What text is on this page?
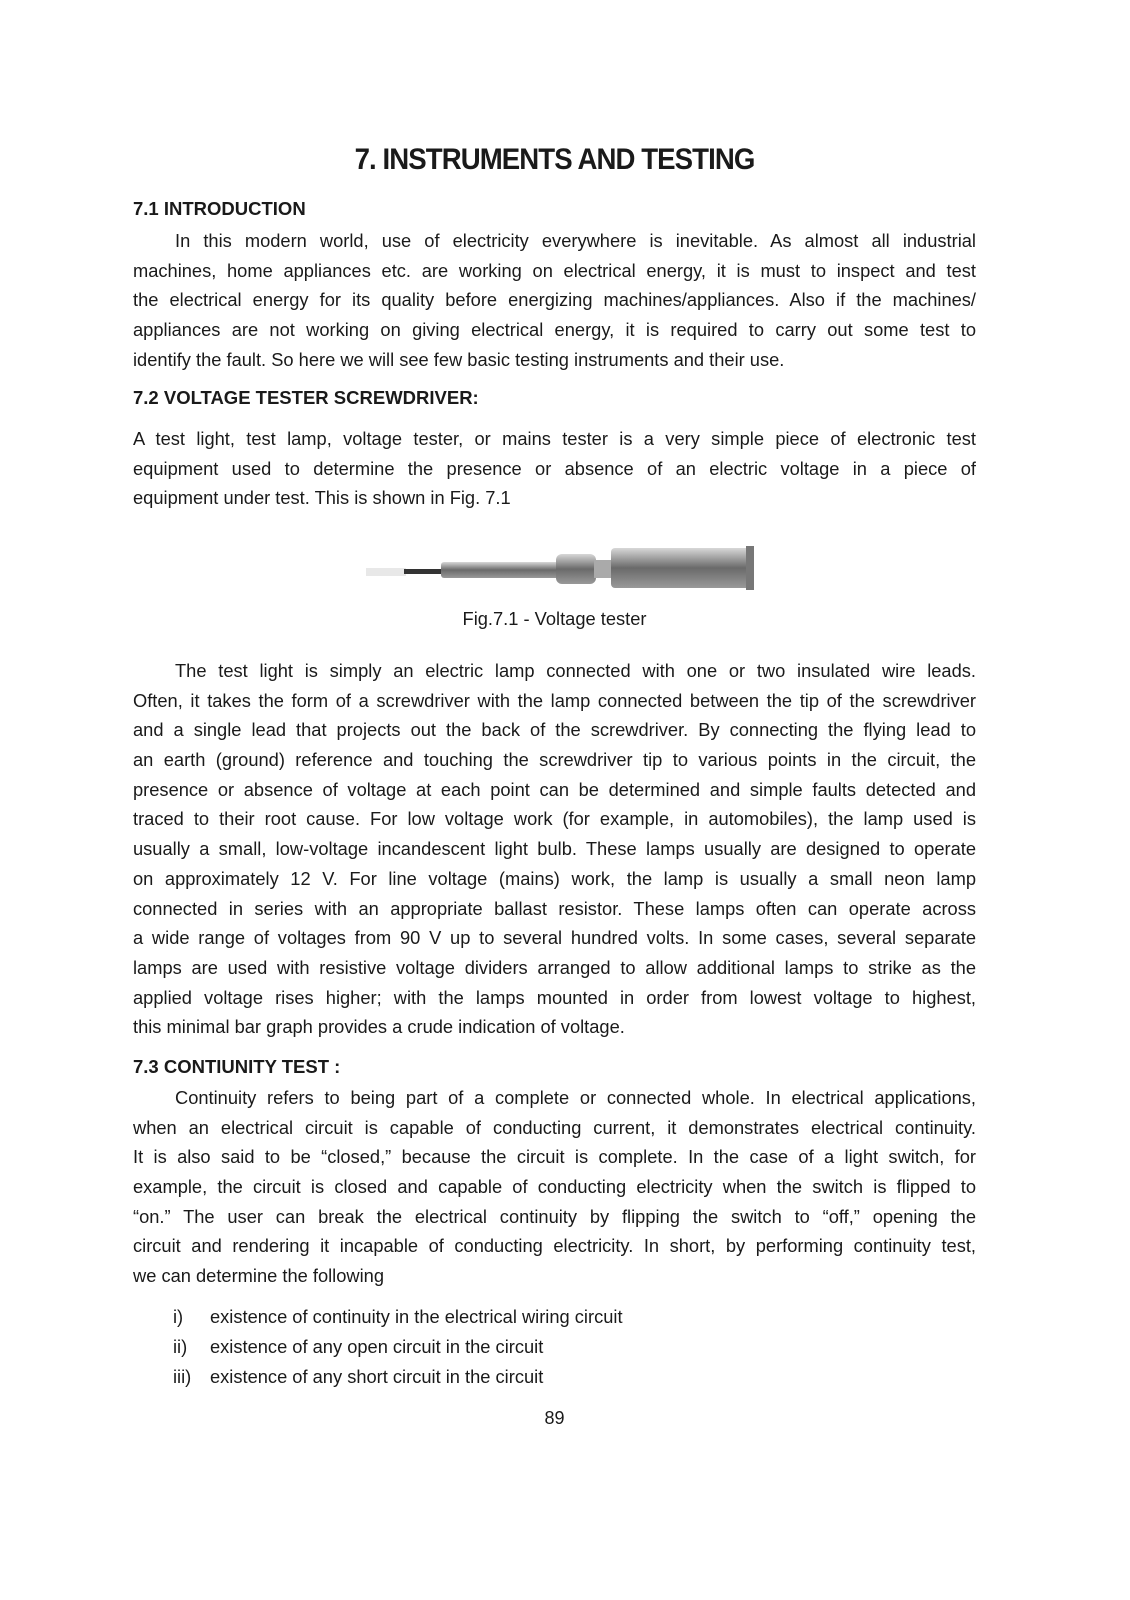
7. INSTRUMENTS AND TESTING
7.1 INTRODUCTION
In this modern world, use of electricity everywhere is inevitable. As almost all industrial
machines, home appliances etc. are working on electrical energy, it is must to inspect and test
the electrical energy for its quality before energizing machines/appliances. Also if the machines/
appliances are not working on giving electrical energy, it is required to carry out some test to
identify the fault. So here we will see few basic testing instruments and their use.
7.2 VOLTAGE TESTER SCREWDRIVER:
A test light, test lamp, voltage tester, or mains tester is a very simple piece of electronic test
equipment used to determine the presence or absence of an electric voltage in a piece of
equipment under test. This is shown in Fig. 7.1
Fig.7.1 - Voltage tester
The test light is simply an electric lamp connected with one or two insulated wire leads.
Often, it takes the form of a screwdriver with the lamp connected between the tip of the screwdriver
and a single lead that projects out the back of the screwdriver. By connecting the flying lead to
an earth (ground) reference and touching the screwdriver tip to various points in the circuit, the
presence or absence of voltage at each point can be determined and simple faults detected and
traced to their root cause. For low voltage work (for example, in automobiles), the lamp used is
usually a small, low-voltage incandescent light bulb. These lamps usually are designed to operate
on approximately 12 V. For line voltage (mains) work, the lamp is usually a small neon lamp
connected in series with an appropriate ballast resistor. These lamps often can operate across
a wide range of voltages from 90 V up to several hundred volts. In some cases, several separate
lamps are used with resistive voltage dividers arranged to allow additional lamps to strike as the
applied voltage rises higher; with the lamps mounted in order from lowest voltage to highest,
this minimal bar graph provides a crude indication of voltage.
7.3 CONTIUNITY TEST :
Continuity refers to being part of a complete or connected whole. In electrical applications,
when an electrical circuit is capable of conducting current, it demonstrates electrical continuity.
It is also said to be “closed,” because the circuit is complete. In the case of a light switch, for
example, the circuit is closed and capable of conducting electricity when the switch is flipped to
“on.” The user can break the electrical continuity by flipping the switch to “off,” opening the
circuit and rendering it incapable of conducting electricity. In short, by performing continuity test,
we can determine the following
i) existence of continuity in the electrical wiring circuit
ii) existence of any open circuit in the circuit
iii) existence of any short circuit in the circuit
89
